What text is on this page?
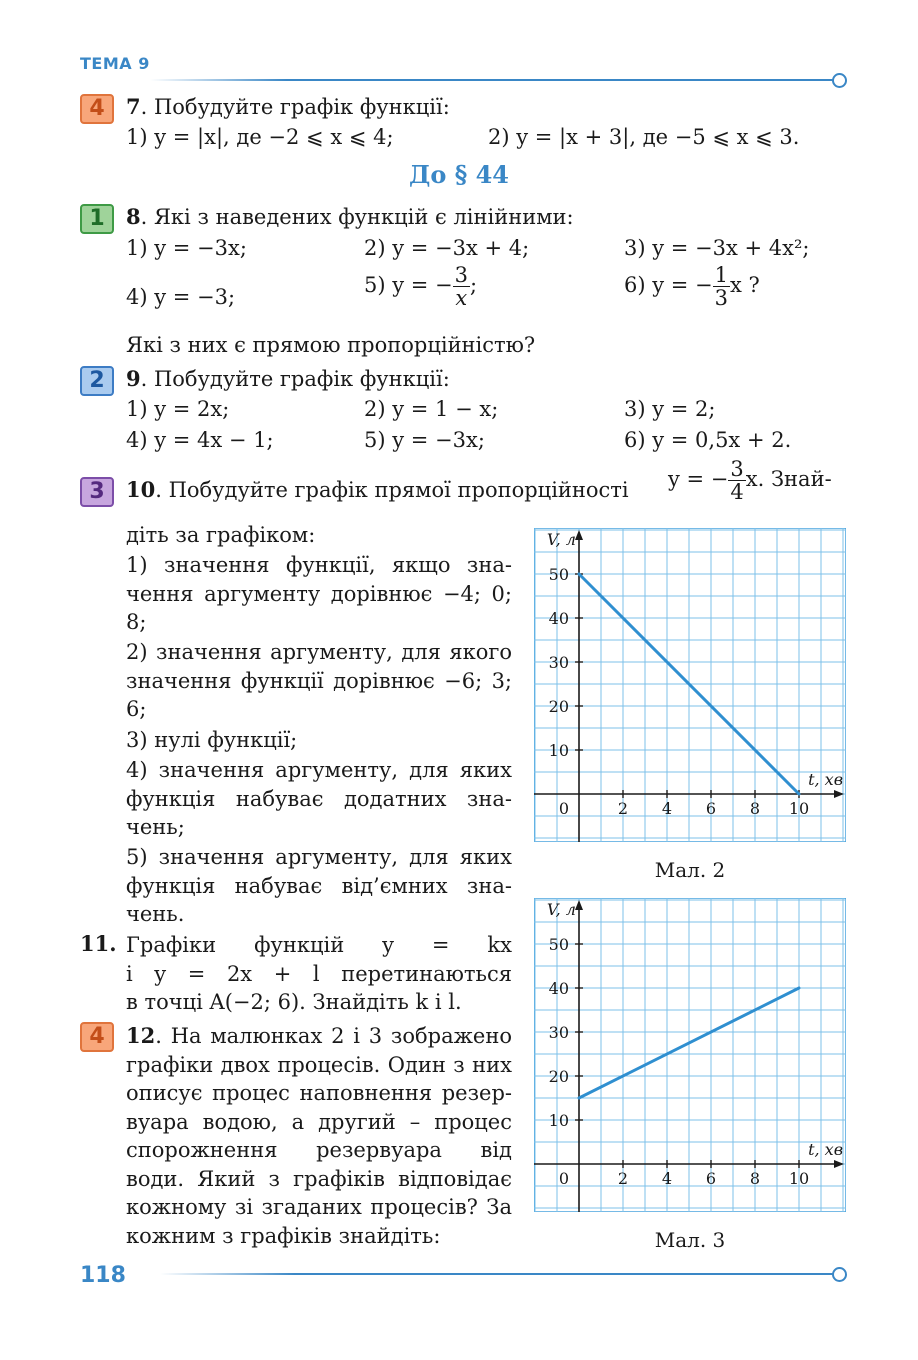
ТЕМА 9
4	7. Побудуйте графік функції:
1) y = |x|, де −2 ⩽ x ⩽ 4;	2) y = |x + 3|, де −5 ⩽ x ⩽ 3.
До § 44
1	8. Які з наведених функцій є лінійними:
1) y = −3x;	2) y = −3x + 4;	3) y = −3x + 4x²;
4) y = −3;	5) y = − $\frac{3}{x}$ ;	6) y = − $\frac{1}{3}$ x ?
Які з них є прямою пропорційністю?
2	9. Побудуйте графік функції:
1) y = 2x;	2) y = 1 − x;	3) y = 2;
4) y = 4x − 1;	5) y = −3x;	6) y = 0,5x + 2.
3	10. Побудуйте графік прямої пропорційності y = − $\frac{3}{4} x$. Знай-
діть за графіком:
1) значення функції, якщо зна-
чення аргументу дорівнює −4; 0;
8;
2) значення аргументу, для якого
значення функції дорівнює −6; 3;
6;
3) нулі функції;
4) значення аргументу, для яких
функція набуває додатних зна-
чень;
5) значення аргументу, для яких
функція набуває від’ємних зна-
чень.
11. Графіки функцій y = kx
і y = 2x + l перетинаються
в точці A(−2; 6). Знайдіть k і l.
4	12 . На малюнках 2 і 3 зображено
графіки двох процесів. Один з них
описує процес наповнення резер-
вуара водою, а другий – процес
спорожнення резервуара від
води. Який з графіків відповідає
кожному зі згаданих процесів? За
кожним з графіків знайдіть:
2 4 6 8 10
10
20
30
40
50
0
V, л
t, хв
Мал. 2
2 4 6 8 10
10
20
30
40
50
0
V, л
t, хв
Мал. 3
118
